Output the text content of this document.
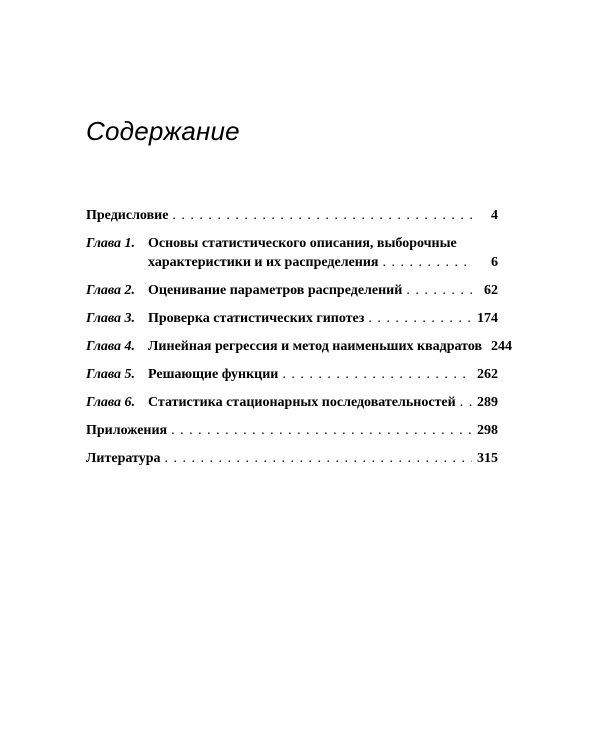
Содержание
Предисловие . . .	4
Глава 1. Основы статистического описания, выборочные
характеристики и их распределения . . .	6
Глава 2. Оценивание параметров распределений . . .	62
Глава 3. Проверка статистических гипотез . . .	174
Глава 4. Линейная регрессия и метод наименьших квадратов 244
Глава 5. Решающие функции . . .	262
Глава 6. Статистика стационарных последовательностей . . . 289
Приложения . . .	298
Литература . . .	315
